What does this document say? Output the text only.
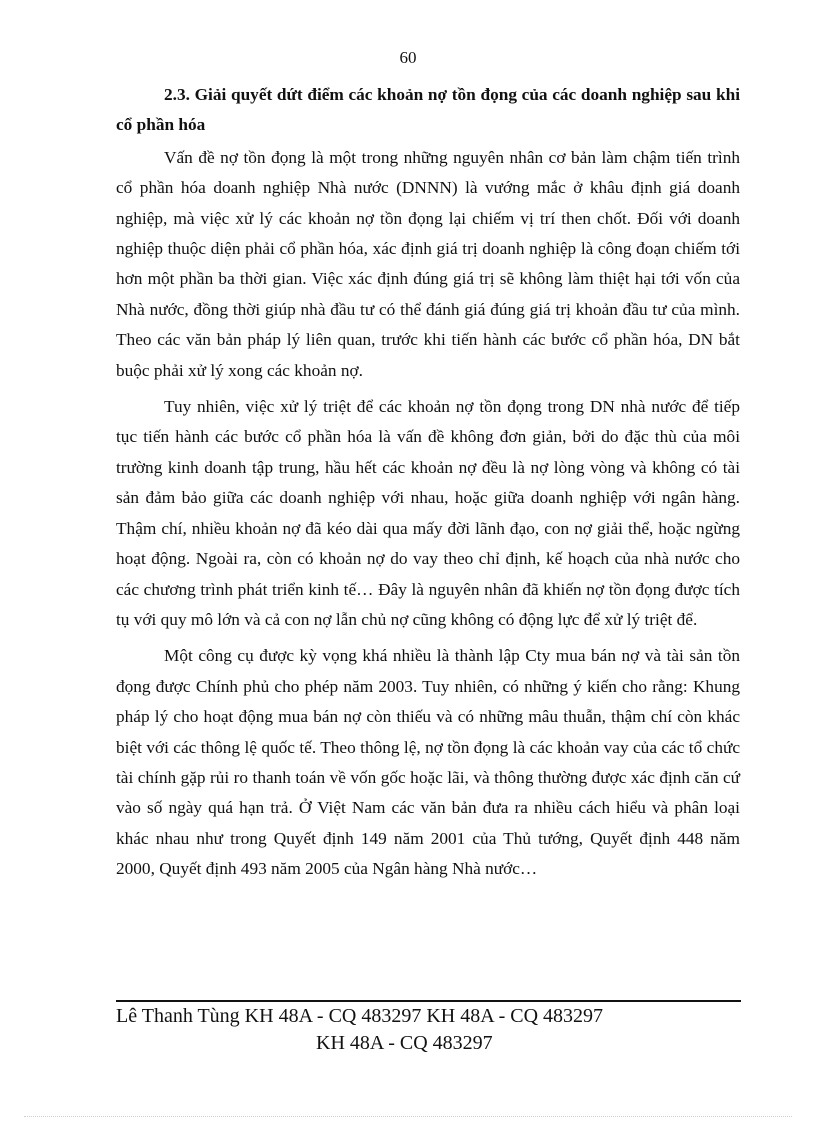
60

2.3. Giải quyết dứt điểm các khoản nợ tồn đọng của các doanh nghiệp sau khi cổ phần hóa

Vấn đề nợ tồn đọng là một trong những nguyên nhân cơ bản làm chậm tiến trình cổ phần hóa doanh nghiệp Nhà nước (DNNN) là vướng mắc ở khâu định giá doanh nghiệp, mà việc xử lý các khoản nợ tồn đọng lại chiếm vị trí then chốt. Đối với doanh nghiệp thuộc diện phải cổ phần hóa, xác định giá trị doanh nghiệp là công đoạn chiếm tới hơn một phần ba thời gian. Việc xác định đúng giá trị sẽ không làm thiệt hại tới vốn của Nhà nước, đồng thời giúp nhà đầu tư có thể đánh giá đúng giá trị khoản đầu tư của mình. Theo các văn bản pháp lý liên quan, trước khi tiến hành các bước cổ phần hóa, DN bắt buộc phải xử lý xong các khoản nợ.

Tuy nhiên, việc xử lý triệt để các khoản nợ tồn đọng trong DN nhà nước để tiếp tục tiến hành các bước cổ phần hóa là vấn đề không đơn giản, bởi do đặc thù của môi trường kinh doanh tập trung, hầu hết các khoản nợ đều là nợ lòng vòng và không có tài sản đảm bảo giữa các doanh nghiệp với nhau, hoặc giữa doanh nghiệp với ngân hàng. Thậm chí, nhiều khoản nợ đã kéo dài qua mấy đời lãnh đạo, con nợ giải thể, hoặc ngừng hoạt động. Ngoài ra, còn có khoản nợ do vay theo chỉ định, kế hoạch của nhà nước cho các chương trình phát triển kinh tế… Đây là nguyên nhân đã khiến nợ tồn đọng được tích tụ với quy mô lớn và cả con nợ lẫn chủ nợ cũng không có động lực để xử lý triệt để.

Một công cụ được kỳ vọng khá nhiều là thành lập Cty mua bán nợ và tài sản tồn đọng được Chính phủ cho phép năm 2003. Tuy nhiên, có những ý kiến cho rằng: Khung pháp lý cho hoạt động mua bán nợ còn thiếu và có những mâu thuẫn, thậm chí còn khác biệt với các thông lệ quốc tế. Theo thông lệ, nợ tồn đọng là các khoản vay của các tổ chức tài chính gặp rủi ro thanh toán về vốn gốc hoặc lãi, và thông thường được xác định căn cứ vào số ngày quá hạn trả. Ở Việt Nam các văn bản đưa ra nhiều cách hiểu và phân loại khác nhau như trong Quyết định 149 năm 2001 của Thủ tướng, Quyết định 448 năm 2000, Quyết định 493 năm 2005 của Ngân hàng Nhà nước…

Lê Thanh Tùng KH 48A - CQ 483297 KH 48A - CQ 483297
KH 48A - CQ 483297
